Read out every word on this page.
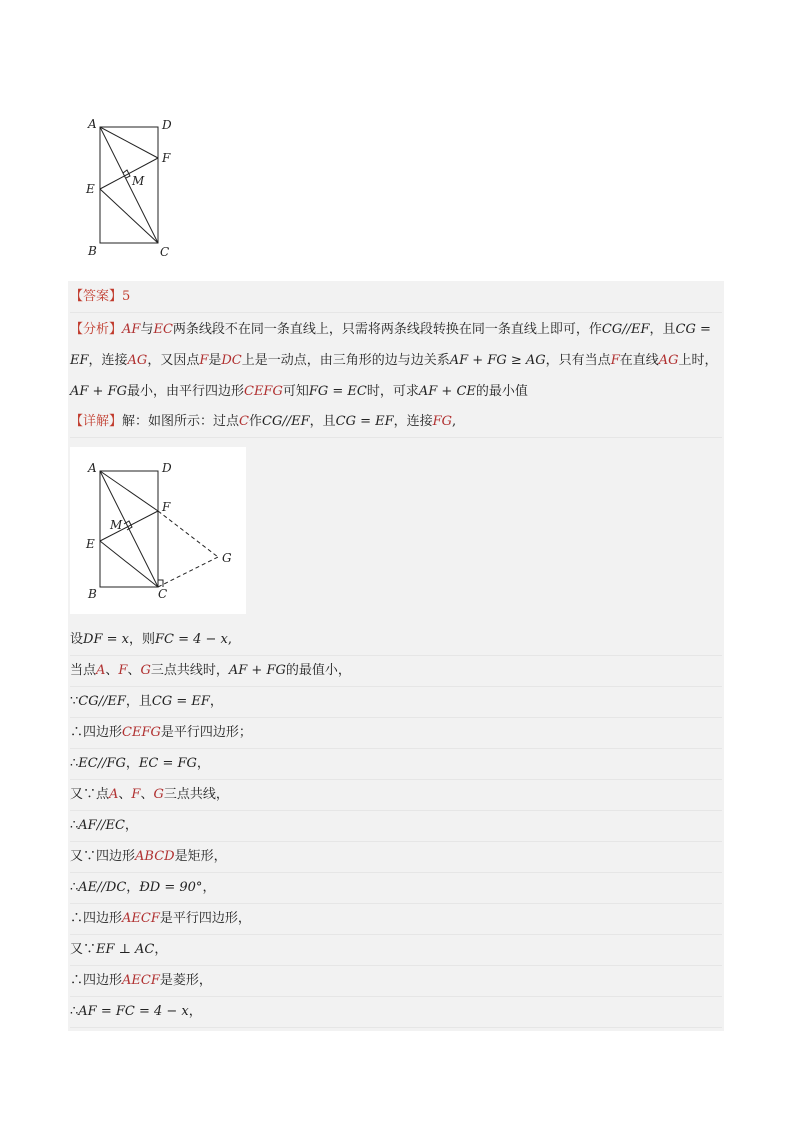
A	D
F
E
M
B	C
【答案】5
【分析】AF与EC两条线段不在同一条直线上，只需将两条线段转换在同一条直线上即可，作CG//EF，且CG = EF，连接AG，又因点F是DC上是一动点，由三角形的边与边关系AF + FG ≥ AG，只有当点F在直线AG上时，AF + FG最小，由平行四边形CEFG可知FG = EC时，可求AF + CE的最小值
【详解】解：如图所示：过点C作CG//EF，且CG = EF，连接FG,
A	D
F
M
E
G
B	C
设DF = x，则FC = 4 − x,
当点A、F、G三点共线时，AF + FG的最值小，
∵CG//EF，且CG = EF，
∴四边形CEFG是平行四边形；
∴EC//FG，EC = FG，
又∵点A、F、G三点共线，
∴AF//EC，
又∵四边形ABCD是矩形，
∴AE//DC，ÐD = 90°，
∴四边形AECF是平行四边形，
又∵EF ⊥ AC，
∴四边形AECF是菱形，
∴AF = FC = 4 − x，
